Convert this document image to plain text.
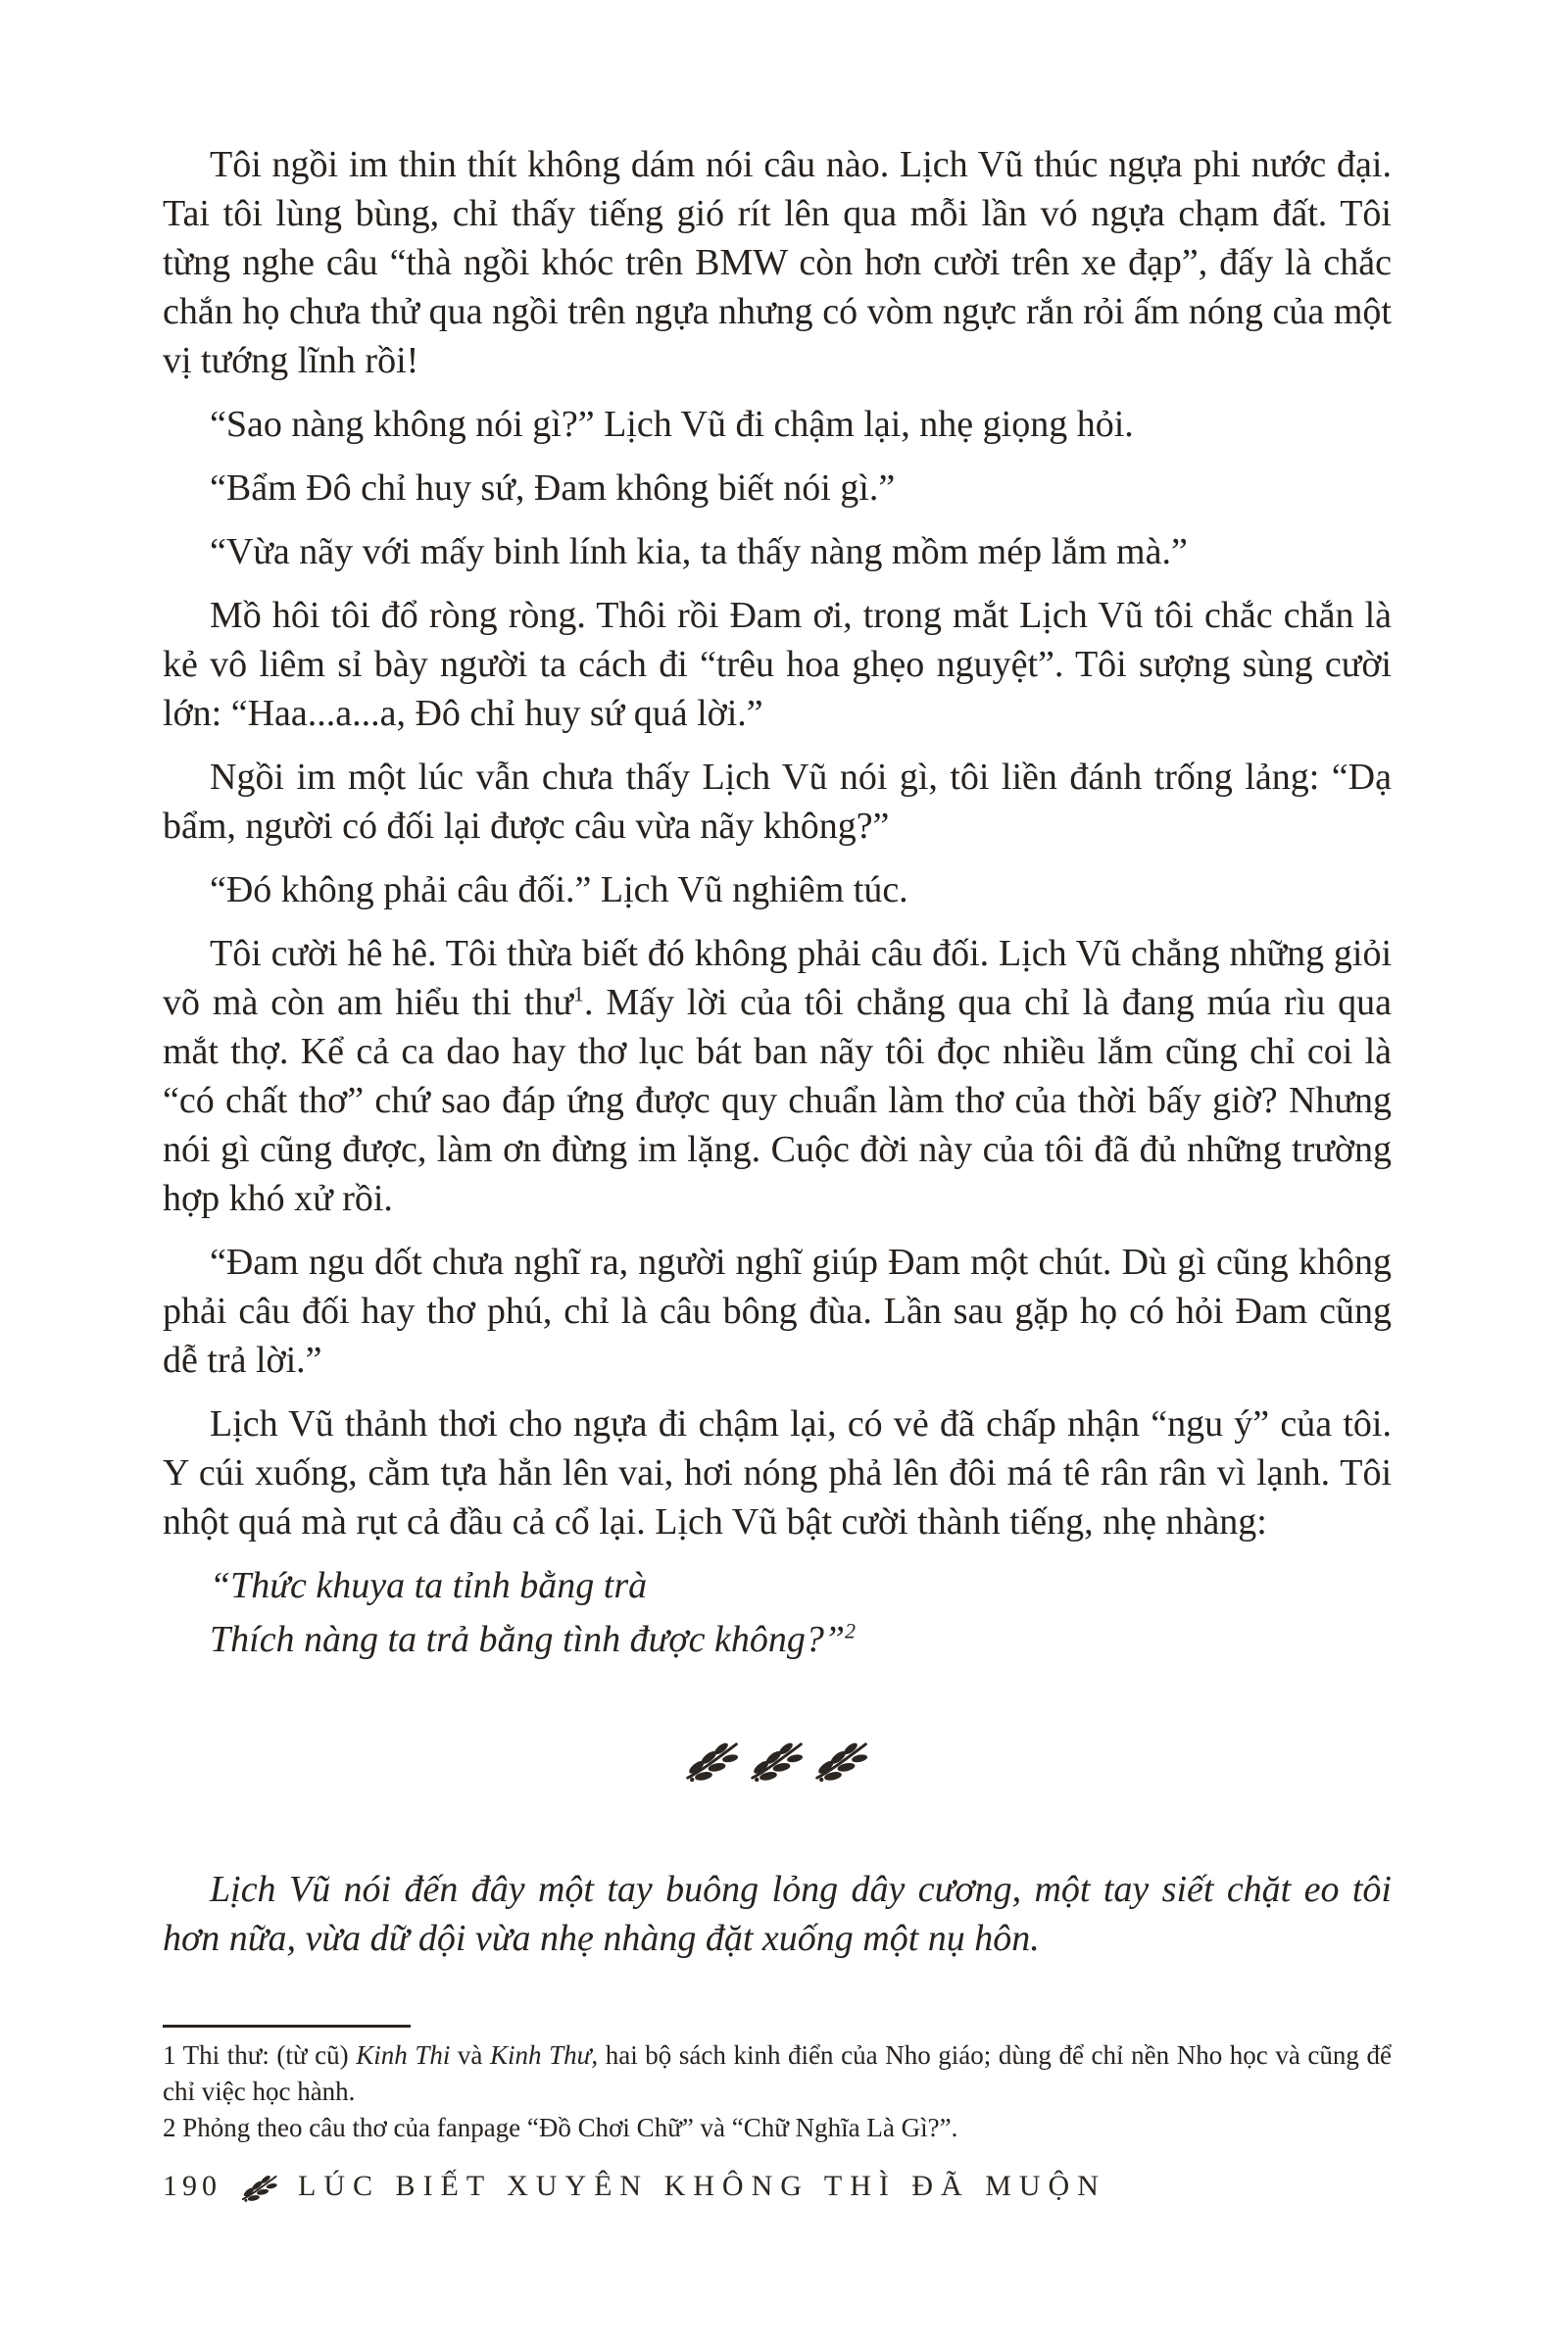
Tôi ngồi im thin thít không dám nói câu nào. Lịch Vũ thúc ngựa phi nước đại. Tai tôi lùng bùng, chỉ thấy tiếng gió rít lên qua mỗi lần vó ngựa chạm đất. Tôi từng nghe câu “thà ngồi khóc trên BMW còn hơn cười trên xe đạp”, đấy là chắc chắn họ chưa thử qua ngồi trên ngựa nhưng có vòm ngực rắn rỏi ấm nóng của một vị tướng lĩnh rồi!

“Sao nàng không nói gì?” Lịch Vũ đi chậm lại, nhẹ giọng hỏi.

“Bẩm Đô chỉ huy sứ, Đam không biết nói gì.”

“Vừa nãy với mấy binh lính kia, ta thấy nàng mồm mép lắm mà.”

Mồ hôi tôi đổ ròng ròng. Thôi rồi Đam ơi, trong mắt Lịch Vũ tôi chắc chắn là kẻ vô liêm sỉ bày người ta cách đi “trêu hoa ghẹo nguyệt”. Tôi sượng sùng cười lớn: “Haa...a...a, Đô chỉ huy sứ quá lời.”

Ngồi im một lúc vẫn chưa thấy Lịch Vũ nói gì, tôi liền đánh trống lảng: “Dạ bẩm, người có đối lại được câu vừa nãy không?”

“Đó không phải câu đối.” Lịch Vũ nghiêm túc.

Tôi cười hê hê. Tôi thừa biết đó không phải câu đối. Lịch Vũ chẳng những giỏi võ mà còn am hiểu thi thư$^1$. Mấy lời của tôi chẳng qua chỉ là đang múa rìu qua mắt thợ. Kể cả ca dao hay thơ lục bát ban nãy tôi đọc nhiều lắm cũng chỉ coi là “có chất thơ” chứ sao đáp ứng được quy chuẩn làm thơ của thời bấy giờ? Nhưng nói gì cũng được, làm ơn đừng im lặng. Cuộc đời này của tôi đã đủ những trường hợp khó xử rồi.

“Đam ngu dốt chưa nghĩ ra, người nghĩ giúp Đam một chút. Dù gì cũng không phải câu đối hay thơ phú, chỉ là câu bông đùa. Lần sau gặp họ có hỏi Đam cũng dễ trả lời.”

Lịch Vũ thảnh thơi cho ngựa đi chậm lại, có vẻ đã chấp nhận “ngu ý” của tôi. Y cúi xuống, cằm tựa hẳn lên vai, hơi nóng phả lên đôi má tê rân rân vì lạnh. Tôi nhột quá mà rụt cả đầu cả cổ lại. Lịch Vũ bật cười thành tiếng, nhẹ nhàng:

“Thức khuya ta tỉnh bằng trà

Thích nàng ta trả bằng tình được không?”$^2$

Lịch Vũ nói đến đây một tay buông lỏng dây cương, một tay siết chặt eo tôi hơn nữa, vừa dữ dội vừa nhẹ nhàng đặt xuống một nụ hôn.

1 Thi thư: (từ cũ) Kinh Thi và Kinh Thư, hai bộ sách kinh điển của Nho giáo; dùng để chỉ nền Nho học và cũng để chỉ việc học hành.

2 Phỏng theo câu thơ của fanpage “Đồ Chơi Chữ” và “Chữ Nghĩa Là Gì?”.

190	LÚC BIẾT XUYÊN KHÔNG THÌ ĐÃ MUỘN
